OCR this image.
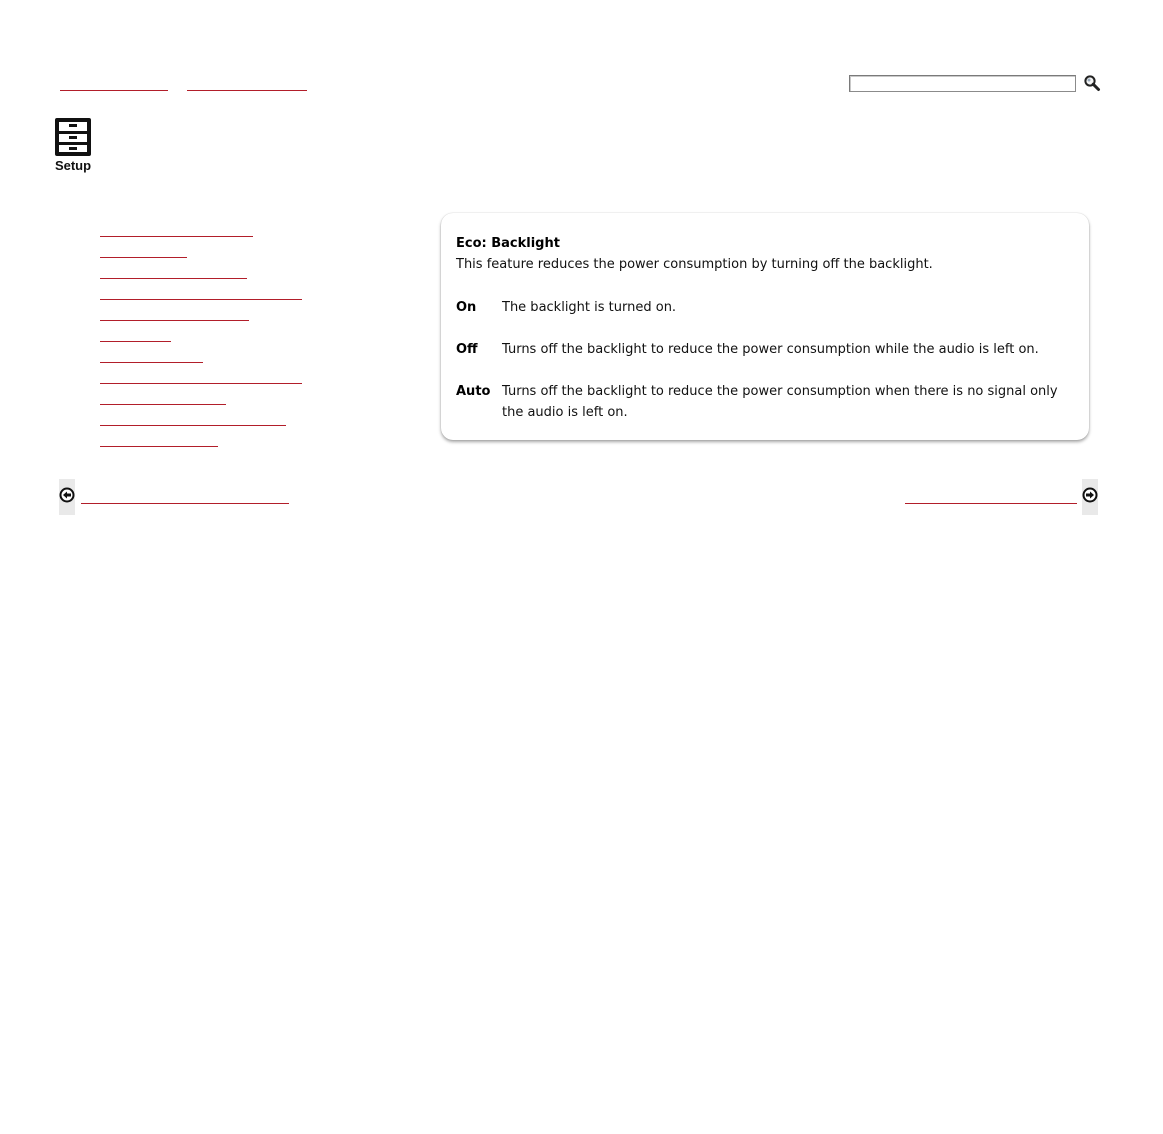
Setup
Eco: Backlight
This feature reduces the power consumption by turning off the backlight.
On The backlight is turned on.
Off Turns off the backlight to reduce the power consumption while the audio is left on.
Auto Turns off the backlight to reduce the power consumption when there is no signal only the audio is left on.
